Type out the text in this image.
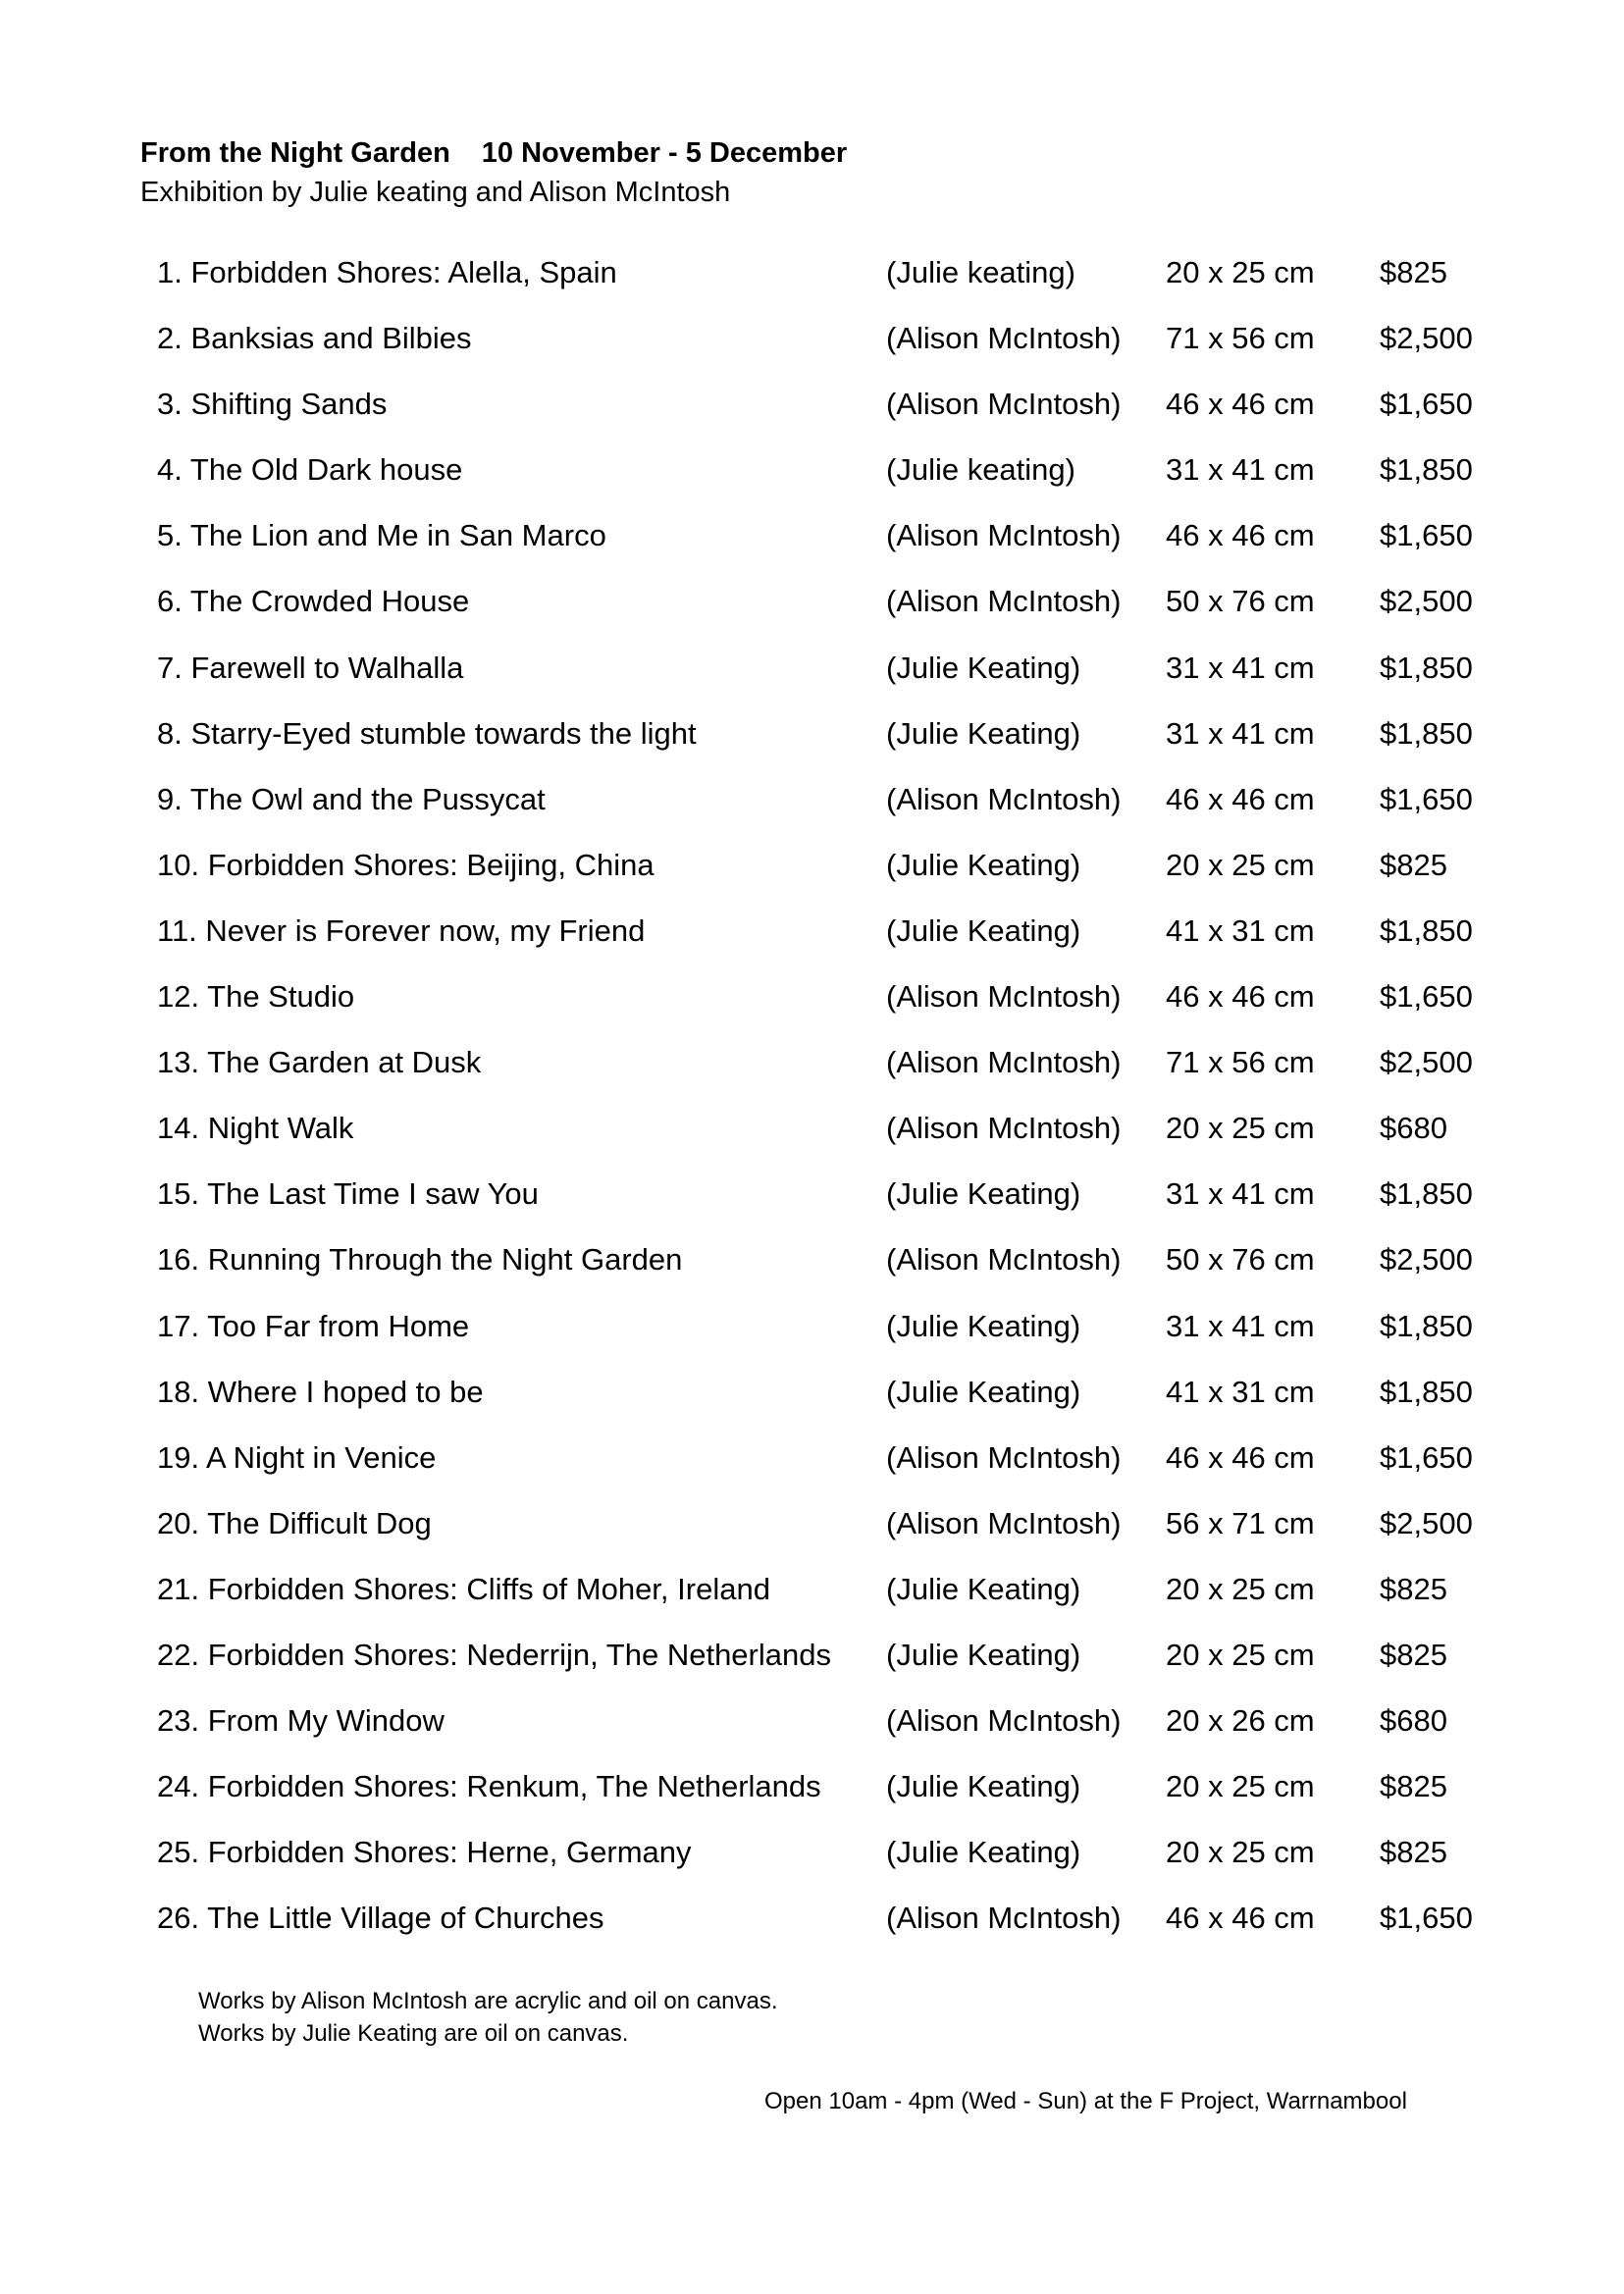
From the Night Garden 10 November - 5 December
Exhibition by Julie keating and Alison McIntosh
1. Forbidden Shores: Alella, Spain	(Julie keating)	20 x 25 cm $825
2. Banksias and Bilbies	(Alison McIntosh) 71 x 56 cm $2,500
3. Shifting Sands	(Alison McIntosh) 46 x 46 cm $1,650
4. The Old Dark house	(Julie keating)	31 x 41 cm $1,850
5. The Lion and Me in San Marco	(Alison McIntosh) 46 x 46 cm $1,650
6. The Crowded House	(Alison McIntosh) 50 x 76 cm $2,500
7. Farewell to Walhalla	(Julie Keating)	31 x 41 cm $1,850
8. Starry-Eyed stumble towards the light	(Julie Keating)	31 x 41 cm $1,850
9. The Owl and the Pussycat	(Alison McIntosh) 46 x 46 cm $1,650
10. Forbidden Shores: Beijing, China	(Julie Keating)	20 x 25 cm $825
11. Never is Forever now, my Friend	(Julie Keating)	41 x 31 cm $1,850
12. The Studio	(Alison McIntosh) 46 x 46 cm $1,650
13. The Garden at Dusk	(Alison McIntosh) 71 x 56 cm $2,500
14. Night Walk	(Alison McIntosh) 20 x 25 cm $680
15. The Last Time I saw You	(Julie Keating)	31 x 41 cm $1,850
16. Running Through the Night Garden	(Alison McIntosh) 50 x 76 cm $2,500
17. Too Far from Home	(Julie Keating)	31 x 41 cm $1,850
18. Where I hoped to be	(Julie Keating)	41 x 31 cm $1,850
19. A Night in Venice	(Alison McIntosh) 46 x 46 cm $1,650
20. The Difficult Dog	(Alison McIntosh) 56 x 71 cm $2,500
21. Forbidden Shores: Cliffs of Moher, Ireland	(Julie Keating)	20 x 25 cm $825
22. Forbidden Shores: Nederrijn, The Netherlands (Julie Keating)	20 x 25 cm $825
23. From My Window	(Alison McIntosh) 20 x 26 cm $680
24. Forbidden Shores: Renkum, The Netherlands (Julie Keating)	20 x 25 cm $825
25. Forbidden Shores: Herne, Germany	(Julie Keating)	20 x 25 cm $825
26. The Little Village of Churches	(Alison McIntosh) 46 x 46 cm $1,650
Works by Alison McIntosh are acrylic and oil on canvas.
Works by Julie Keating are oil on canvas.
Open 10am - 4pm (Wed - Sun) at the F Project, Warrnambool
